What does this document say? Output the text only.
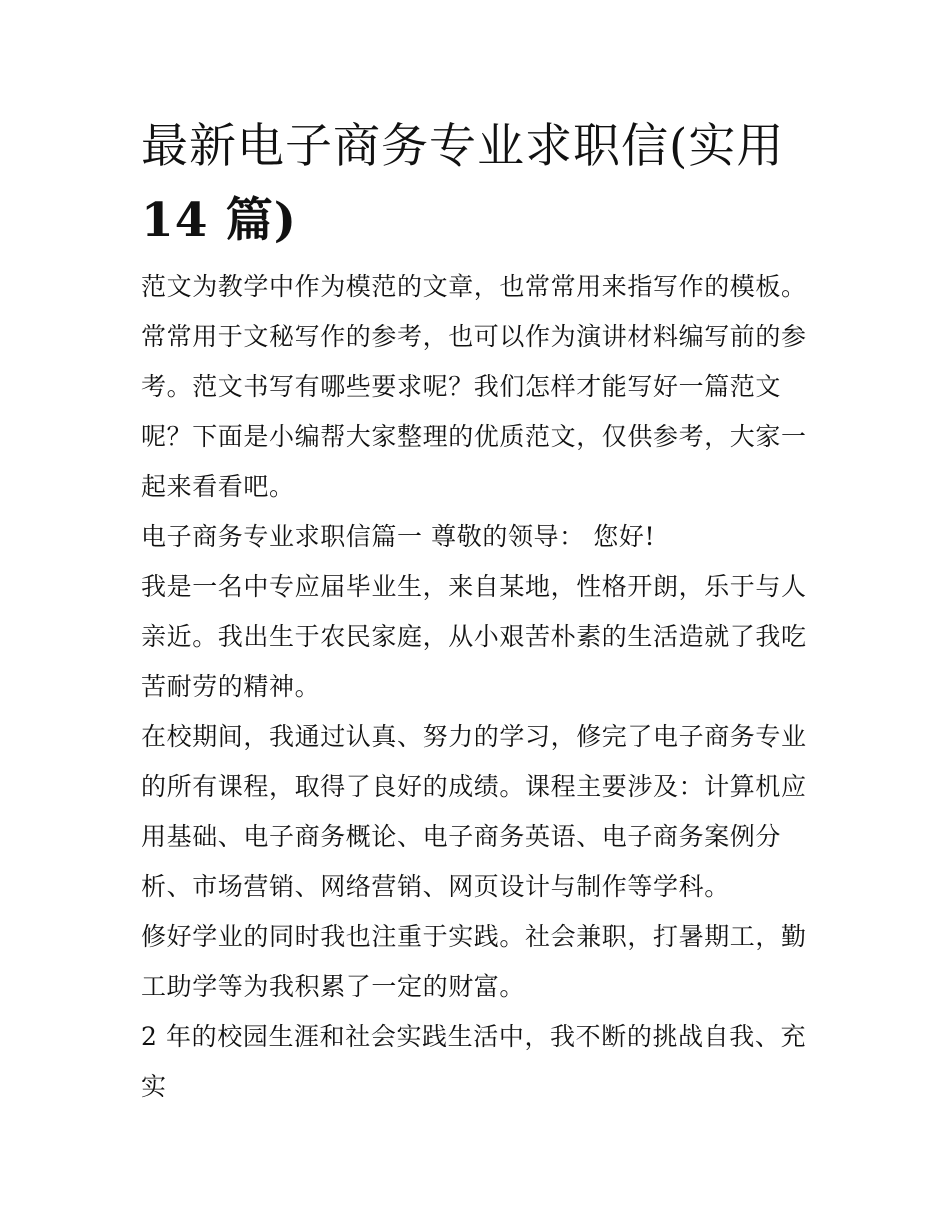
最新电子商务专业求职信(实用
14 篇)

范文为教学中作为模范的文章，也常常用来指写作的模板。常常用于文秘写作的参考，也可以作为演讲材料编写前的参考。范文书写有哪些要求呢？我们怎样才能写好一篇范文呢？下面是小编帮大家整理的优质范文，仅供参考，大家一起来看看吧。

电子商务专业求职信篇一 尊敬的领导： 您好!

我是一名中专应届毕业生，来自某地，性格开朗，乐于与人亲近。我出生于农民家庭，从小艰苦朴素的生活造就了我吃苦耐劳的精神。

在校期间，我通过认真、努力的学习，修完了电子商务专业的所有课程，取得了良好的成绩。课程主要涉及：计算机应用基础、电子商务概论、电子商务英语、电子商务案例分析、市场营销、网络营销、网页设计与制作等学科。

修好学业的同时我也注重于实践。社会兼职，打暑期工，勤工助学等为我积累了一定的财富。

2 年的校园生涯和社会实践生活中，我不断的挑战自我、充实
